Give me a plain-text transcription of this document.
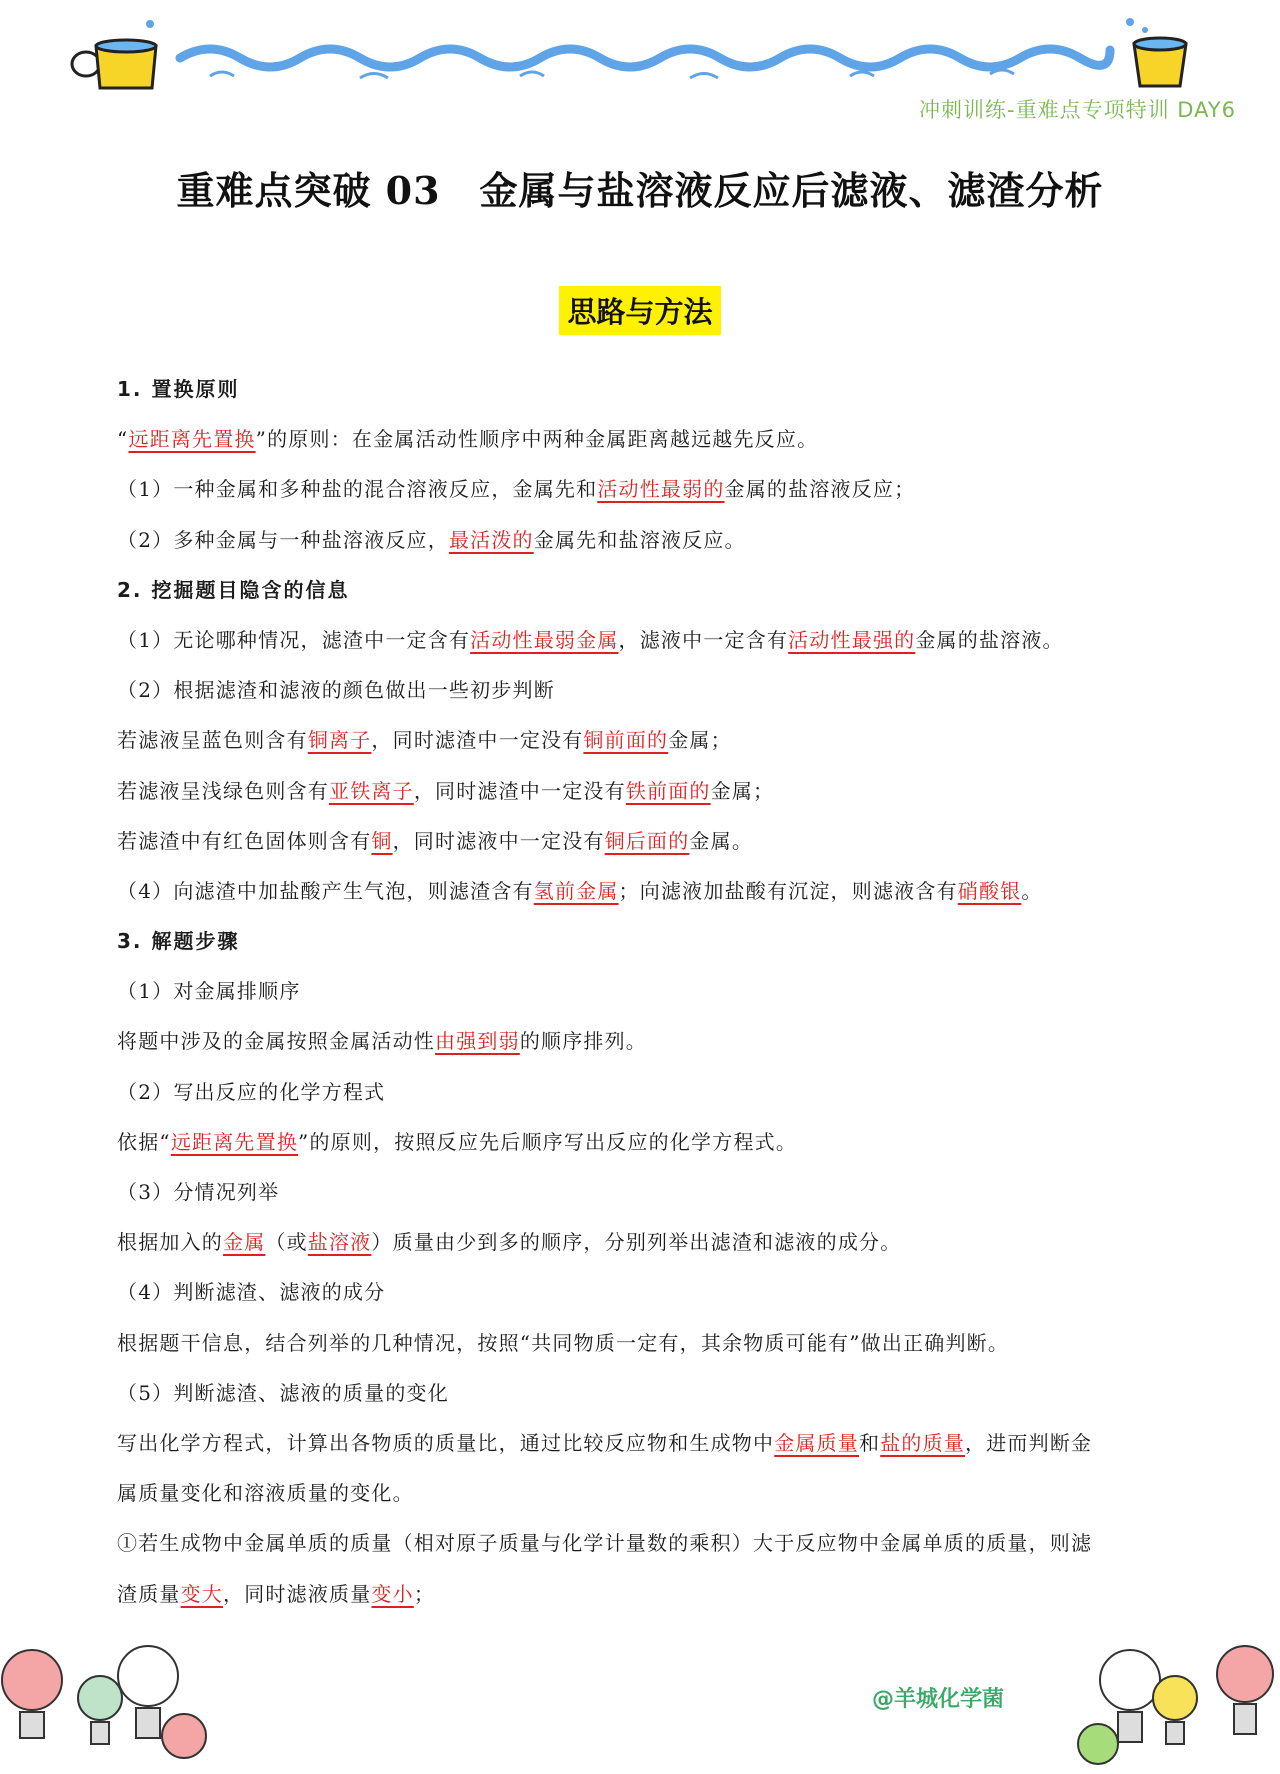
冲刺训练-重难点专项特训 DAY6
重难点突破 03　金属与盐溶液反应后滤液、滤渣分析
思路与方法
1. 置换原则
“远距离先置换”的原则：在金属活动性顺序中两种金属距离越远越先反应。
（1）一种金属和多种盐的混合溶液反应，金属先和活动性最弱的金属的盐溶液反应；
（2）多种金属与一种盐溶液反应，最活泼的金属先和盐溶液反应。
2. 挖掘题目隐含的信息
（1）无论哪种情况，滤渣中一定含有活动性最弱金属，滤液中一定含有活动性最强的金属的盐溶液。
（2）根据滤渣和滤液的颜色做出一些初步判断
若滤液呈蓝色则含有铜离子，同时滤渣中一定没有铜前面的金属；
若滤液呈浅绿色则含有亚铁离子，同时滤渣中一定没有铁前面的金属；
若滤渣中有红色固体则含有铜，同时滤液中一定没有铜后面的金属。
（4）向滤渣中加盐酸产生气泡，则滤渣含有氢前金属；向滤液加盐酸有沉淀，则滤液含有硝酸银。
3. 解题步骤
（1）对金属排顺序
将题中涉及的金属按照金属活动性由强到弱的顺序排列。
（2）写出反应的化学方程式
依据“远距离先置换”的原则，按照反应先后顺序写出反应的化学方程式。
（3）分情况列举
根据加入的金属（或盐溶液）质量由少到多的顺序，分别列举出滤渣和滤液的成分。
（4）判断滤渣、滤液的成分
根据题干信息，结合列举的几种情况，按照“共同物质一定有，其余物质可能有”做出正确判断。
（5）判断滤渣、滤液的质量的变化
写出化学方程式，计算出各物质的质量比，通过比较反应物和生成物中金属质量和盐的质量，进而判断金
属质量变化和溶液质量的变化。
①若生成物中金属单质的质量（相对原子质量与化学计量数的乘积）大于反应物中金属单质的质量，则滤
渣质量变大，同时滤液质量变小；
@羊城化学菌
